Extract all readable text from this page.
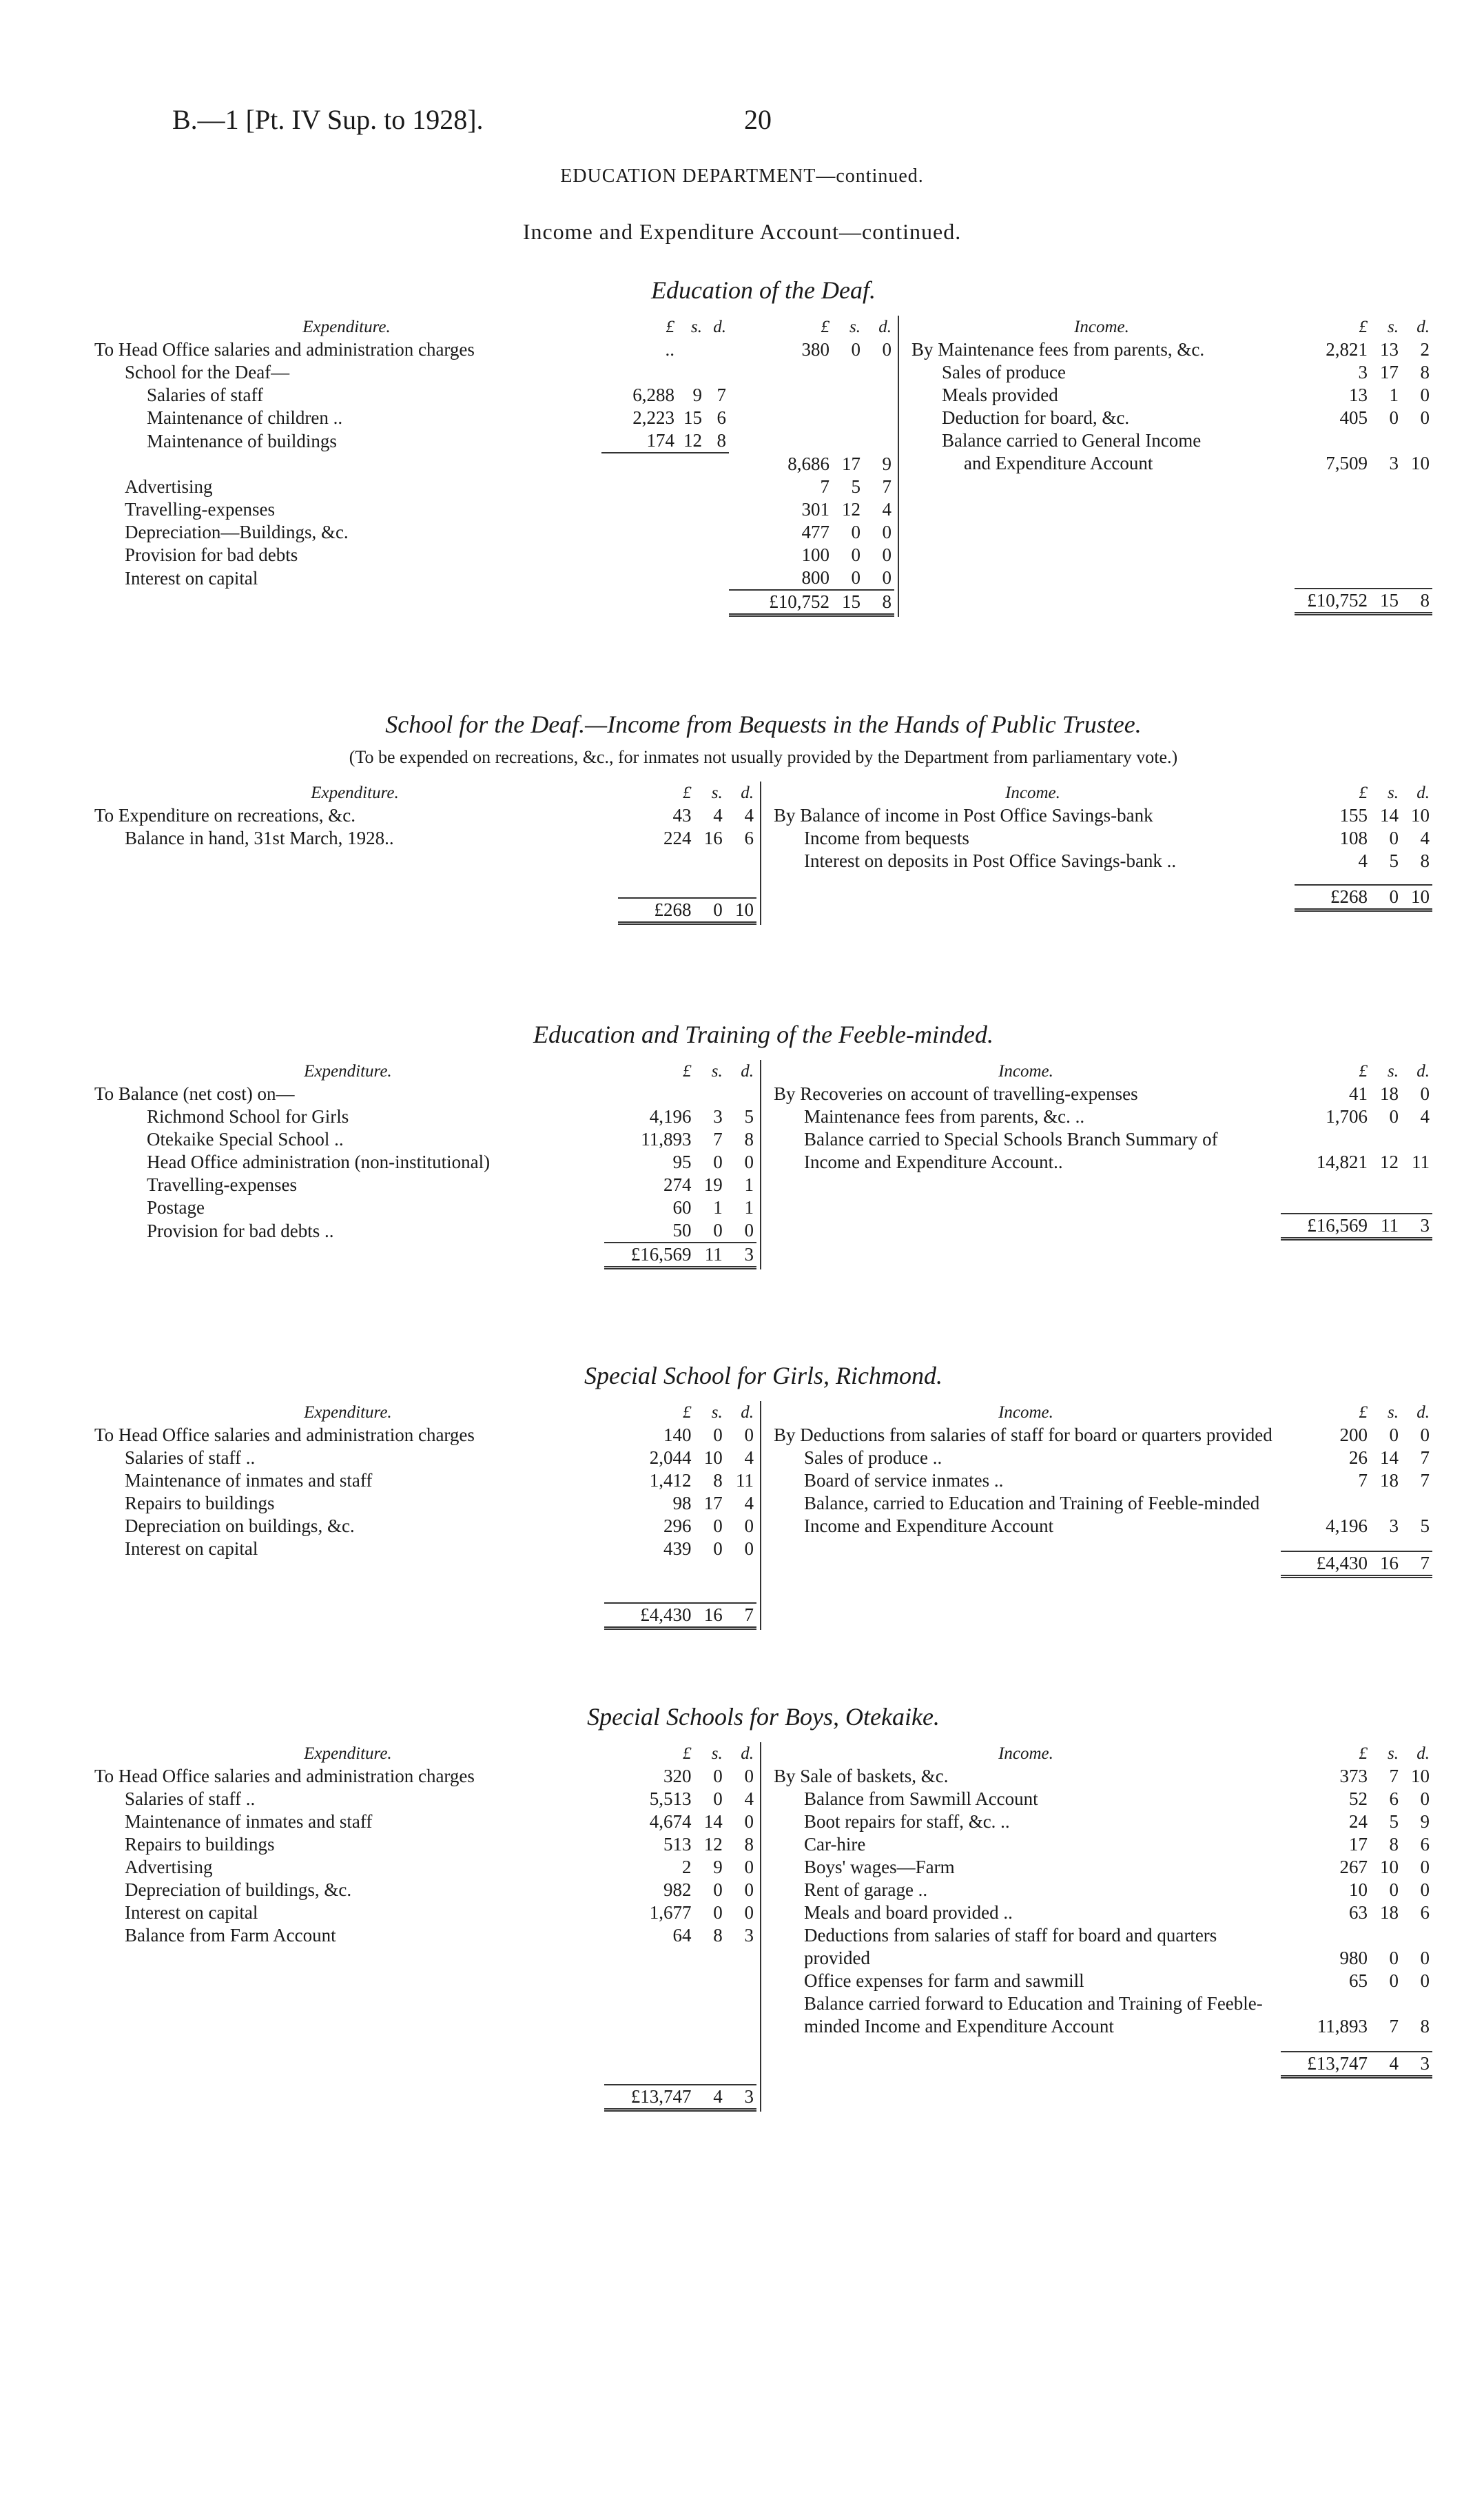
B.—1 [Pt. IV Sup. to 1928].	20
EDUCATION DEPARTMENT—continued.
Income and Expenditure Account—continued.
Education of the Deaf.
Expenditure.	£	s.	d.	£	s.	d.
To Head Office salaries and administration charges	..			380	0	0
School for the Deaf—						
Salaries of staff	6,288	9	7			
Maintenance of children ..	2,223	15	6			
Maintenance of buildings	174	12	8			
				8,686	17	9
Advertising				7	5	7
Travelling-expenses				301	12	4
Depreciation—Buildings, &c.				477	0	0
Provision for bad debts				100	0	0
Interest on capital				800	0	0
				£10,752	15	8
Income.	£	s.	d.
By Maintenance fees from parents, &c.	2,821	13	2
Sales of produce	3	17	8
Meals provided	13	1	0
Deduction for board, &c.	405	0	0
Balance carried to General Income			
and Expenditure Account	7,509	3	10

	£10,752	15	8
School for the Deaf.—Income from Bequests in the Hands of Public Trustee.
(To be expended on recreations, &c., for inmates not usually provided by the Department from parliamentary vote.)
Expenditure.	£	s.	d.
To Expenditure on recreations, &c.	43	4	4
Balance in hand, 31st March, 1928..	224	16	6

	£268	0	10
Income.	£	s.	d.
By Balance of income in Post Office Savings-bank	155	14	10
Income from bequests	108	0	4
Interest on deposits in Post Office Savings-bank ..	4	5	8

	£268	0	10
Education and Training of the Feeble-minded.
Expenditure.	£	s.	d.
To Balance (net cost) on—			
Richmond School for Girls	4,196	3	5
Otekaike Special School ..	11,893	7	8
Head Office administration (non-institutional)	95	0	0
Travelling-expenses	274	19	1
Postage	60	1	1
Provision for bad debts ..	50	0	0
	£16,569	11	3
Income.	£	s.	d.
By Recoveries on account of travelling-expenses	41	18	0
Maintenance fees from parents, &c. ..	1,706	0	4
Balance carried to Special Schools Branch Summary of Income and Expenditure Account..	14,821	12	11

	£16,569	11	3
Special School for Girls, Richmond.
Expenditure.	£	s.	d.
To Head Office salaries and administration charges	140	0	0
Salaries of staff ..	2,044	10	4
Maintenance of inmates and staff	1,412	8	11
Repairs to buildings	98	17	4
Depreciation on buildings, &c.	296	0	0
Interest on capital	439	0	0

	£4,430	16	7
Income.	£	s.	d.
By Deductions from salaries of staff for board or quarters provided	200	0	0
Sales of produce ..	26	14	7
Board of service inmates ..	7	18	7
Balance, carried to Education and Training of Feeble-minded Income and Expenditure Account	4,196	3	5

	£4,430	16	7
Special Schools for Boys, Otekaike.
Expenditure.	£	s.	d.
To Head Office salaries and administration charges	320	0	0
Salaries of staff ..	5,513	0	4
Maintenance of inmates and staff	4,674	14	0
Repairs to buildings	513	12	8
Advertising	2	9	0
Depreciation of buildings, &c.	982	0	0
Interest on capital	1,677	0	0
Balance from Farm Account	64	8	3

	£13,747	4	3
Income.	£	s.	d.
By Sale of baskets, &c.	373	7	10
Balance from Sawmill Account	52	6	0
Boot repairs for staff, &c. ..	24	5	9
Car-hire	17	8	6
Boys' wages—Farm	267	10	0
Rent of garage ..	10	0	0
Meals and board provided ..	63	18	6
Deductions from salaries of staff for board and quarters provided	980	0	0
Office expenses for farm and sawmill	65	0	0
Balance carried forward to Education and Training of Feeble-minded Income and Expenditure Account	11,893	7	8

	£13,747	4	3
